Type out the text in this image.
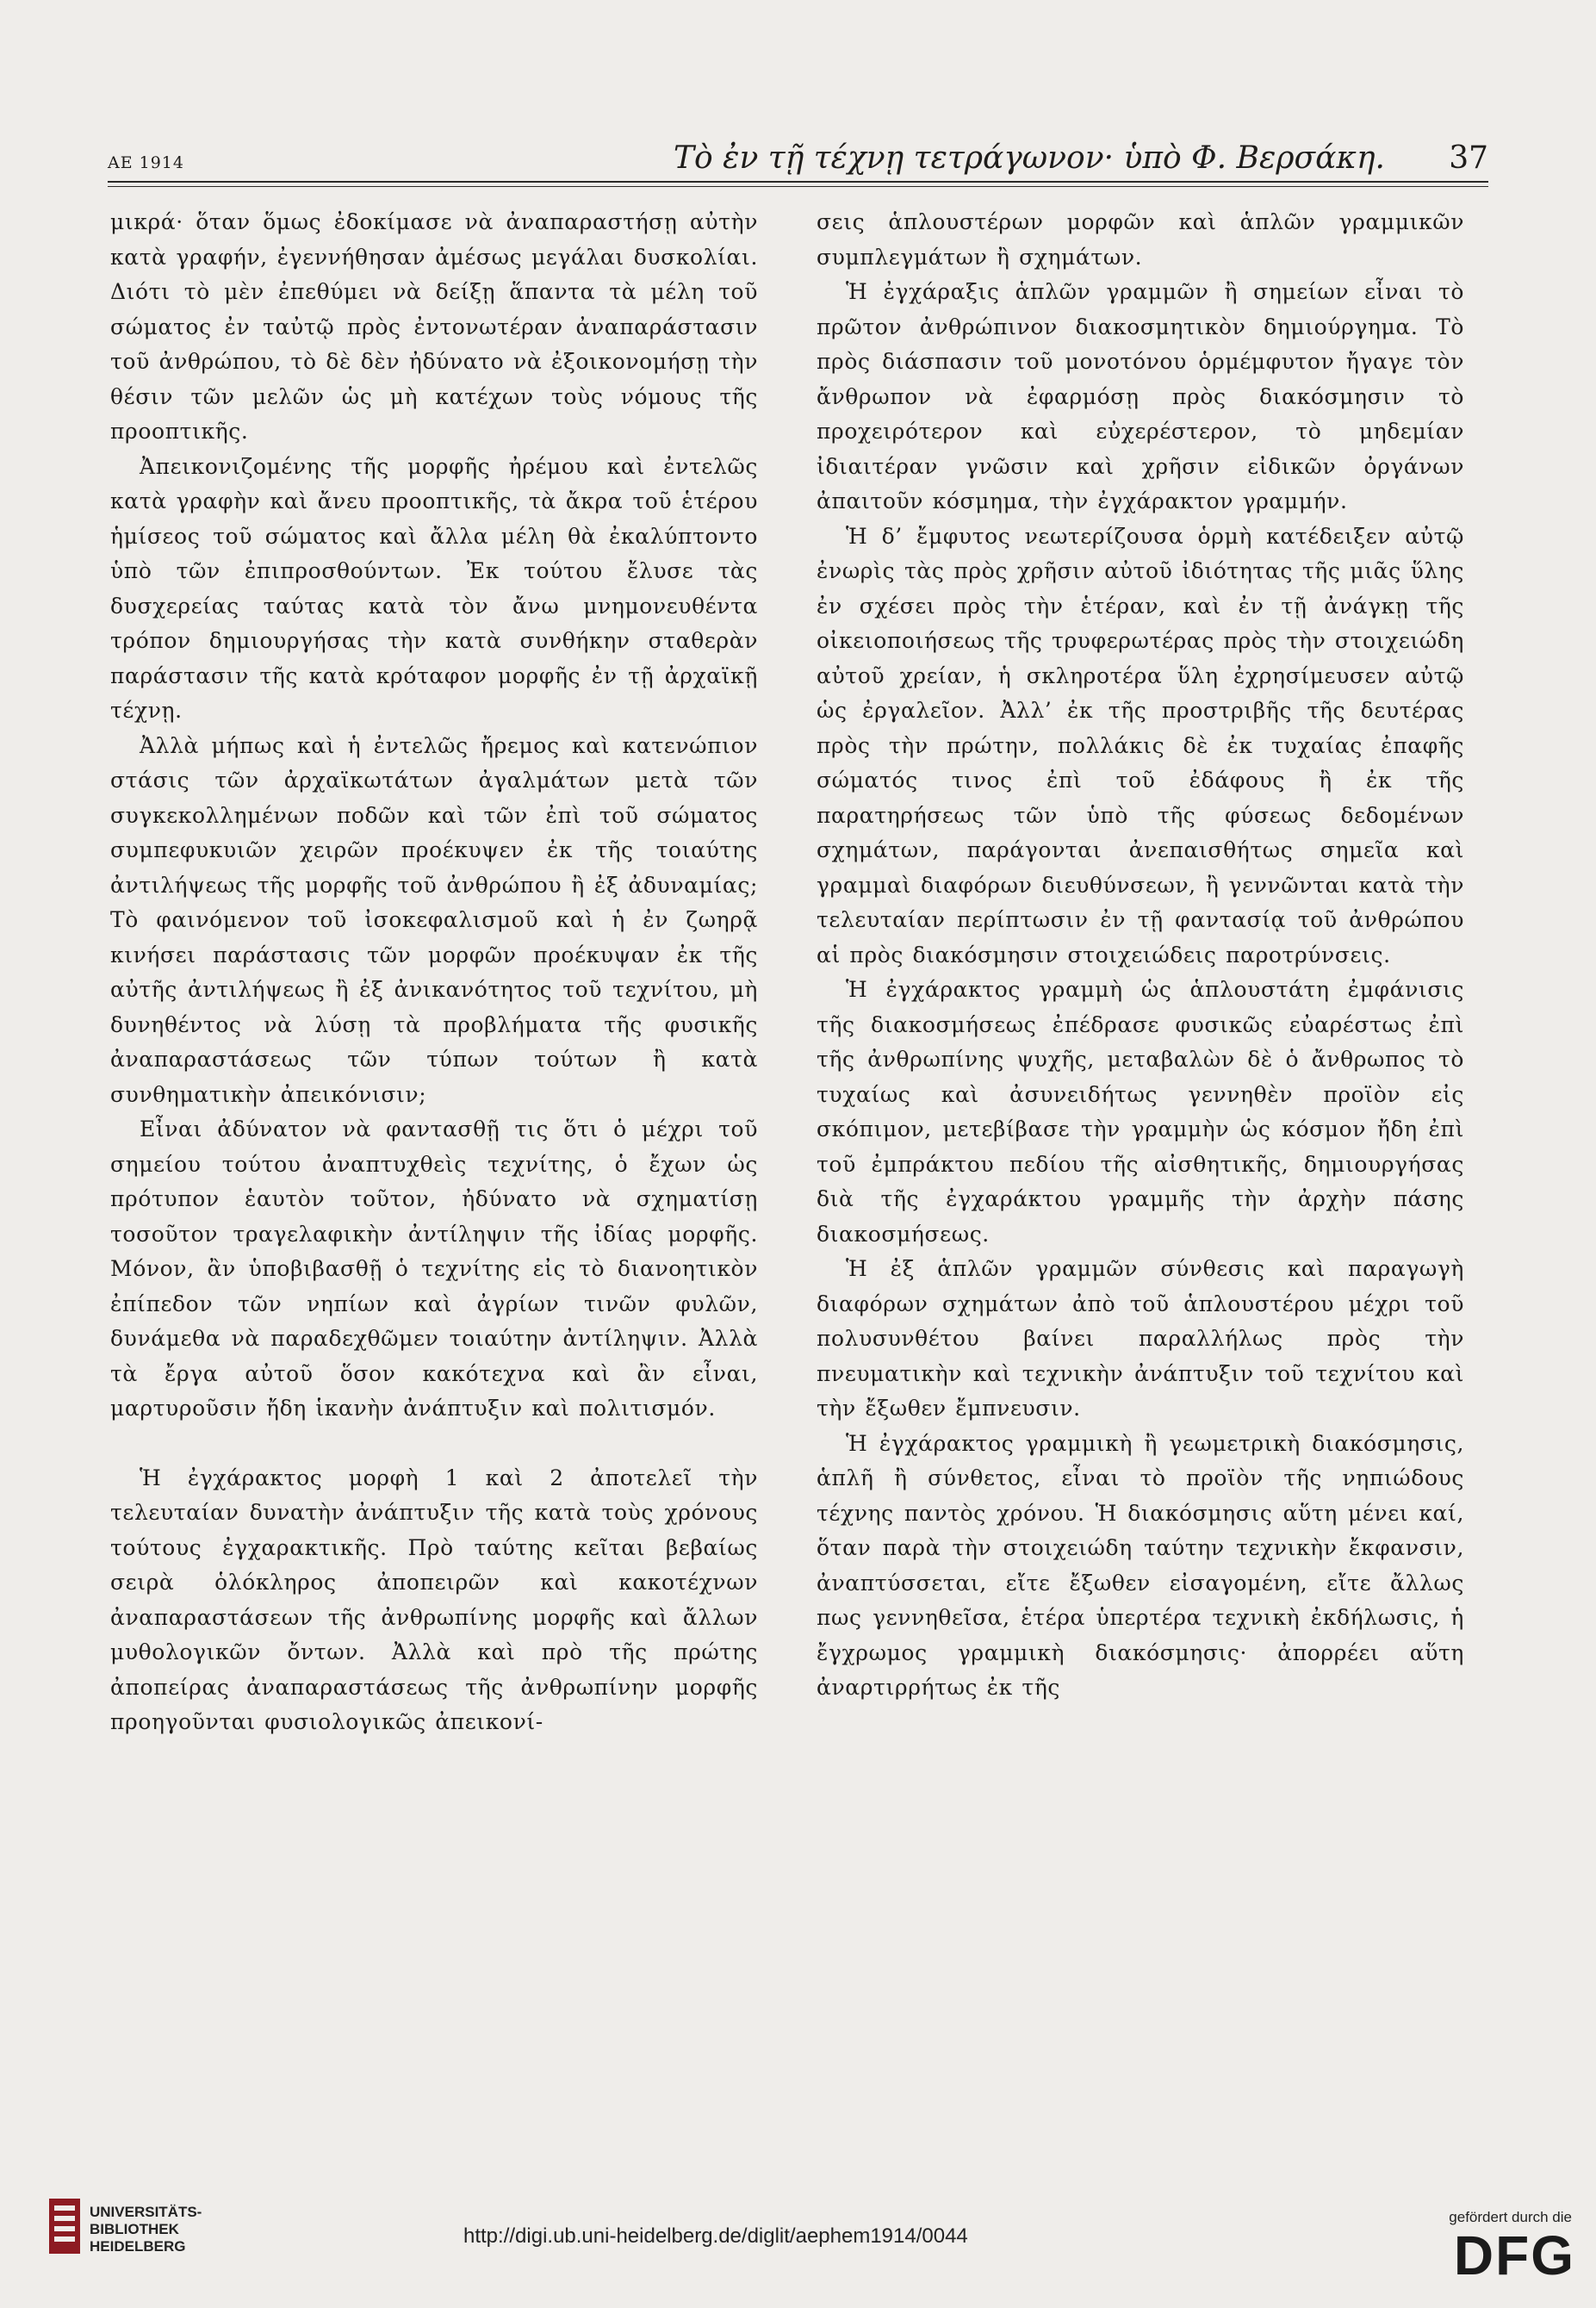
ΑΕ 1914	Τὸ ἐν τῇ τέχνῃ τετράγωνον· ὑπὸ Φ. Βερσάκη. 37

μικρά· ὅταν ὅμως ἐδοκίμασε νὰ ἀναπαραστήσῃ αὐτὴν κατὰ γραφήν, ἐγεννήθησαν ἀμέσως μεγάλαι δυσκολίαι. Διότι τὸ μὲν ἐπεθύμει νὰ δείξῃ ἅπαντα τὰ μέλη τοῦ σώματος ἐν ταὐτῷ πρὸς ἐντονωτέραν ἀναπαράστασιν τοῦ ἀνθρώπου, τὸ δὲ δὲν ἠδύνατο νὰ ἐξοικονομήσῃ τὴν θέσιν τῶν μελῶν ὡς μὴ κατέχων τοὺς νόμους τῆς προοπτικῆς.

Ἀπεικονιζομένης τῆς μορφῆς ἠρέμου καὶ ἐντελῶς κατὰ γραφὴν καὶ ἄνευ προοπτικῆς, τὰ ἄκρα τοῦ ἑτέρου ἡμίσεος τοῦ σώματος καὶ ἄλλα μέλη θὰ ἐκαλύπτοντο ὑπὸ τῶν ἐπιπροσθούντων. Ἐκ τούτου ἔλυσε τὰς δυσχερείας ταύτας κατὰ τὸν ἄνω μνημονευθέντα τρόπον δημιουργήσας τὴν κατὰ συνθήκην σταθερὰν παράστασιν τῆς κατὰ κρόταφον μορφῆς ἐν τῇ ἀρχαϊκῇ τέχνῃ.

Ἀλλὰ μήπως καὶ ἡ ἐντελῶς ἤρεμος καὶ κατενώπιον στάσις τῶν ἀρχαϊκωτάτων ἀγαλμάτων μετὰ τῶν συγκεκολλημένων ποδῶν καὶ τῶν ἐπὶ τοῦ σώματος συμπεφυκυιῶν χειρῶν προέκυψεν ἐκ τῆς τοιαύτης ἀντιλήψεως τῆς μορφῆς τοῦ ἀνθρώπου ἢ ἐξ ἀδυναμίας; Τὸ φαινόμενον τοῦ ἰσοκεφαλισμοῦ καὶ ἡ ἐν ζωηρᾷ κινήσει παράστασις τῶν μορφῶν προέκυψαν ἐκ τῆς αὐτῆς ἀντιλήψεως ἢ ἐξ ἀνικανότητος τοῦ τεχνίτου, μὴ δυνηθέντος νὰ λύσῃ τὰ προβλήματα τῆς φυσικῆς ἀναπαραστάσεως τῶν τύπων τούτων ἢ κατὰ συνθηματικὴν ἀπεικόνισιν;

Εἶναι ἀδύνατον νὰ φαντασθῇ τις ὅτι ὁ μέχρι τοῦ σημείου τούτου ἀναπτυχθεὶς τεχνίτης, ὁ ἔχων ὡς πρότυπον ἑαυτὸν τοῦτον, ἠδύνατο νὰ σχηματίσῃ τοσοῦτον τραγελαφικὴν ἀντίληψιν τῆς ἰδίας μορφῆς. Μόνον, ἂν ὑποβιβασθῇ ὁ τεχνίτης εἰς τὸ διανοητικὸν ἐπίπεδον τῶν νηπίων καὶ ἀγρίων τινῶν φυλῶν, δυνάμεθα νὰ παραδεχθῶμεν τοιαύτην ἀντίληψιν. Ἀλλὰ τὰ ἔργα αὐτοῦ ὅσον κακότεχνα καὶ ἂν εἶναι, μαρτυροῦσιν ἤδη ἱκανὴν ἀνάπτυξιν καὶ πολιτισμόν.

Ἡ ἐγχάρακτος μορφὴ 1 καὶ 2 ἀποτελεῖ τὴν τελευταίαν δυνατὴν ἀνάπτυξιν τῆς κατὰ τοὺς χρόνους τούτους ἐγχαρακτικῆς. Πρὸ ταύτης κεῖται βεβαίως σειρὰ ὁλόκληρος ἀποπειρῶν καὶ κακοτέχνων ἀναπαραστάσεων τῆς ἀνθρωπίνης μορφῆς καὶ ἄλλων μυθολογικῶν ὄντων. Ἀλλὰ καὶ πρὸ τῆς πρώτης ἀποπείρας ἀναπαραστάσεως τῆς ἀνθρωπίνην μορφῆς προηγοῦνται φυσιολογικῶς ἀπεικονί-

σεις ἁπλουστέρων μορφῶν καὶ ἁπλῶν γραμμικῶν συμπλεγμάτων ἢ σχημάτων.

Ἡ ἐγχάραξις ἁπλῶν γραμμῶν ἢ σημείων εἶναι τὸ πρῶτον ἀνθρώπινον διακοσμητικὸν δημιούργημα. Τὸ πρὸς διάσπασιν τοῦ μονοτόνου ὁρμέμφυτον ἤγαγε τὸν ἄνθρωπον νὰ ἐφαρμόσῃ πρὸς διακόσμησιν τὸ προχειρότερον καὶ εὐχερέστερον, τὸ μηδεμίαν ἰδιαιτέραν γνῶσιν καὶ χρῆσιν εἰδικῶν ὀργάνων ἀπαιτοῦν κόσμημα, τὴν ἐγχάρακτον γραμμήν.

Ἡ δ’ ἔμφυτος νεωτερίζουσα ὁρμὴ κατέδειξεν αὐτῷ ἐνωρὶς τὰς πρὸς χρῆσιν αὐτοῦ ἰδιότητας τῆς μιᾶς ὕλης ἐν σχέσει πρὸς τὴν ἑτέραν, καὶ ἐν τῇ ἀνάγκῃ τῆς οἰκειοποιήσεως τῆς τρυφερωτέρας πρὸς τὴν στοιχειώδη αὐτοῦ χρείαν, ἡ σκληροτέρα ὕλη ἐχρησίμευσεν αὐτῷ ὡς ἐργαλεῖον. Ἀλλ’ ἐκ τῆς προστριβῆς τῆς δευτέρας πρὸς τὴν πρώτην, πολλάκις δὲ ἐκ τυχαίας ἐπαφῆς σώματός τινος ἐπὶ τοῦ ἐδάφους ἢ ἐκ τῆς παρατηρήσεως τῶν ὑπὸ τῆς φύσεως δεδομένων σχημάτων, παράγονται ἀνεπαισθήτως σημεῖα καὶ γραμμαὶ διαφόρων διευθύνσεων, ἢ γεννῶνται κατὰ τὴν τελευταίαν περίπτωσιν ἐν τῇ φαντασίᾳ τοῦ ἀνθρώπου αἱ πρὸς διακόσμησιν στοιχειώδεις παροτρύνσεις.

Ἡ ἐγχάρακτος γραμμὴ ὡς ἁπλουστάτη ἐμφάνισις τῆς διακοσμήσεως ἐπέδρασε φυσικῶς εὐαρέστως ἐπὶ τῆς ἀνθρωπίνης ψυχῆς, μεταβαλὼν δὲ ὁ ἄνθρωπος τὸ τυχαίως καὶ ἀσυνειδήτως γεννηθὲν προϊὸν εἰς σκόπιμον, μετεβίβασε τὴν γραμμὴν ὡς κόσμον ἤδη ἐπὶ τοῦ ἐμπράκτου πεδίου τῆς αἰσθητικῆς, δημιουργήσας διὰ τῆς ἐγχαράκτου γραμμῆς τὴν ἀρχὴν πάσης διακοσμήσεως.

Ἡ ἐξ ἁπλῶν γραμμῶν σύνθεσις καὶ παραγωγὴ διαφόρων σχημάτων ἀπὸ τοῦ ἁπλουστέρου μέχρι τοῦ πολυσυνθέτου βαίνει παραλλήλως πρὸς τὴν πνευματικὴν καὶ τεχνικὴν ἀνάπτυξιν τοῦ τεχνίτου καὶ τὴν ἔξωθεν ἔμπνευσιν.

Ἡ ἐγχάρακτος γραμμικὴ ἢ γεωμετρικὴ διακόσμησις, ἁπλῆ ἢ σύνθετος, εἶναι τὸ προϊὸν τῆς νηπιώδους τέχνης παντὸς χρόνου. Ἡ διακόσμησις αὕτη μένει καί, ὅταν παρὰ τὴν στοιχειώδη ταύτην τεχνικὴν ἔκφανσιν, ἀναπτύσσεται, εἴτε ἔξωθεν εἰσαγομένη, εἴτε ἄλλως πως γεννηθεῖσα, ἑτέρα ὑπερτέρα τεχνικὴ ἐκδήλωσις, ἡ ἔγχρωμος γραμμικὴ διακόσμησις· ἀπορρέει αὕτη ἀναρτιρρήτως ἐκ τῆς

UNIVERSITÄTS-
BIBLIOTHEK
HEIDELBERG	http://digi.ub.uni-heidelberg.de/diglit/aephem1914/0044
gefördert durch die
DFG
